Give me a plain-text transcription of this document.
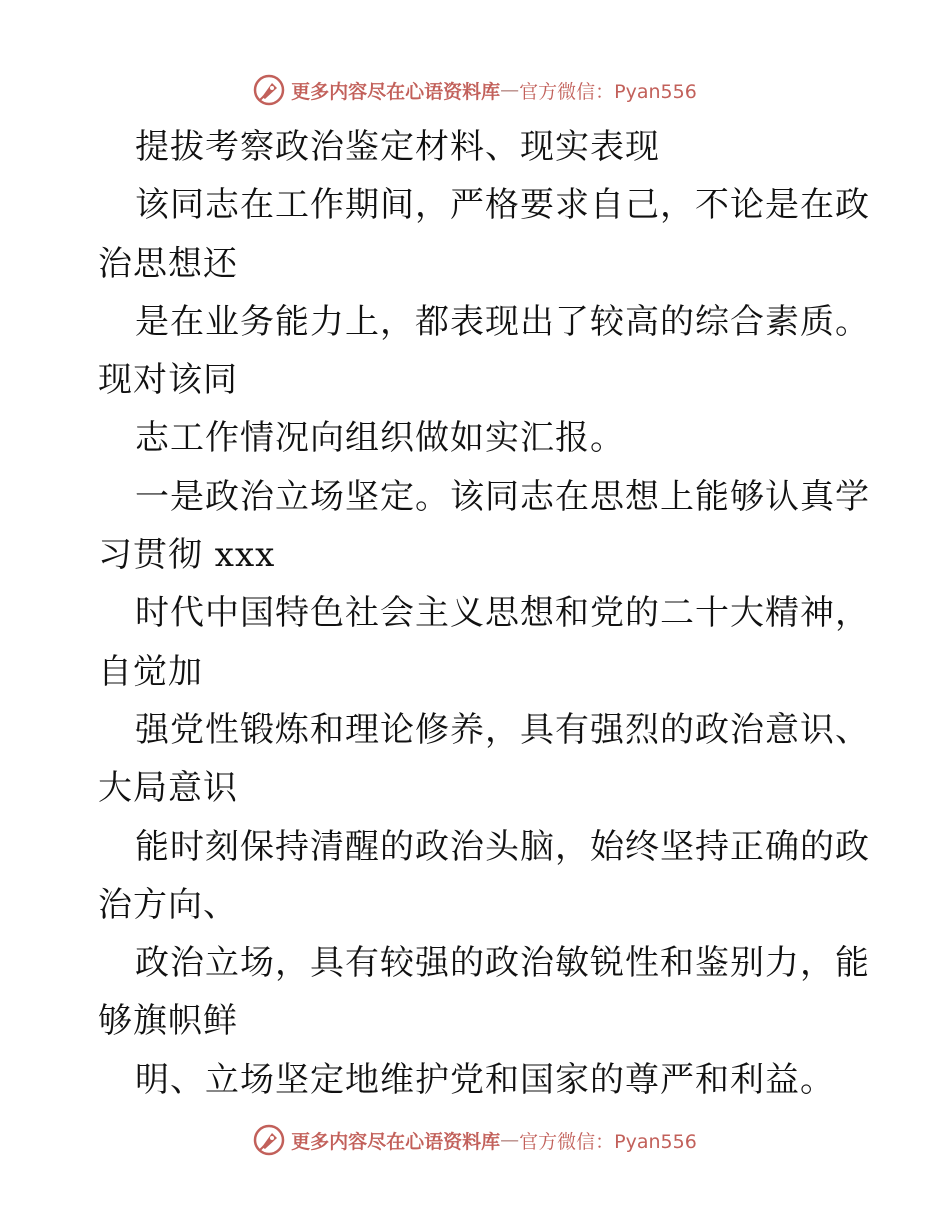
更多内容尽在心语资料库 — 官方微信：Pyan556
提拔考察政治鉴定材料、现实表现
该同志在工作期间，严格要求自己，不论是在政
治思想还
是在业务能力上，都表现出了较高的综合素质。
现对该同
志工作情况向组织做如实汇报。
一是政治立场坚定。该同志在思想上能够认真学
习贯彻 xxx
时代中国特色社会主义思想和党的二十大精神，
自觉加
强党性锻炼和理论修养，具有强烈的政治意识、
大局意识
能时刻保持清醒的政治头脑，始终坚持正确的政
治方向、
政治立场，具有较强的政治敏锐性和鉴别力，能
够旗帜鲜
明、立场坚定地维护党和国家的尊严和利益。
更多内容尽在心语资料库 — 官方微信：Pyan556
